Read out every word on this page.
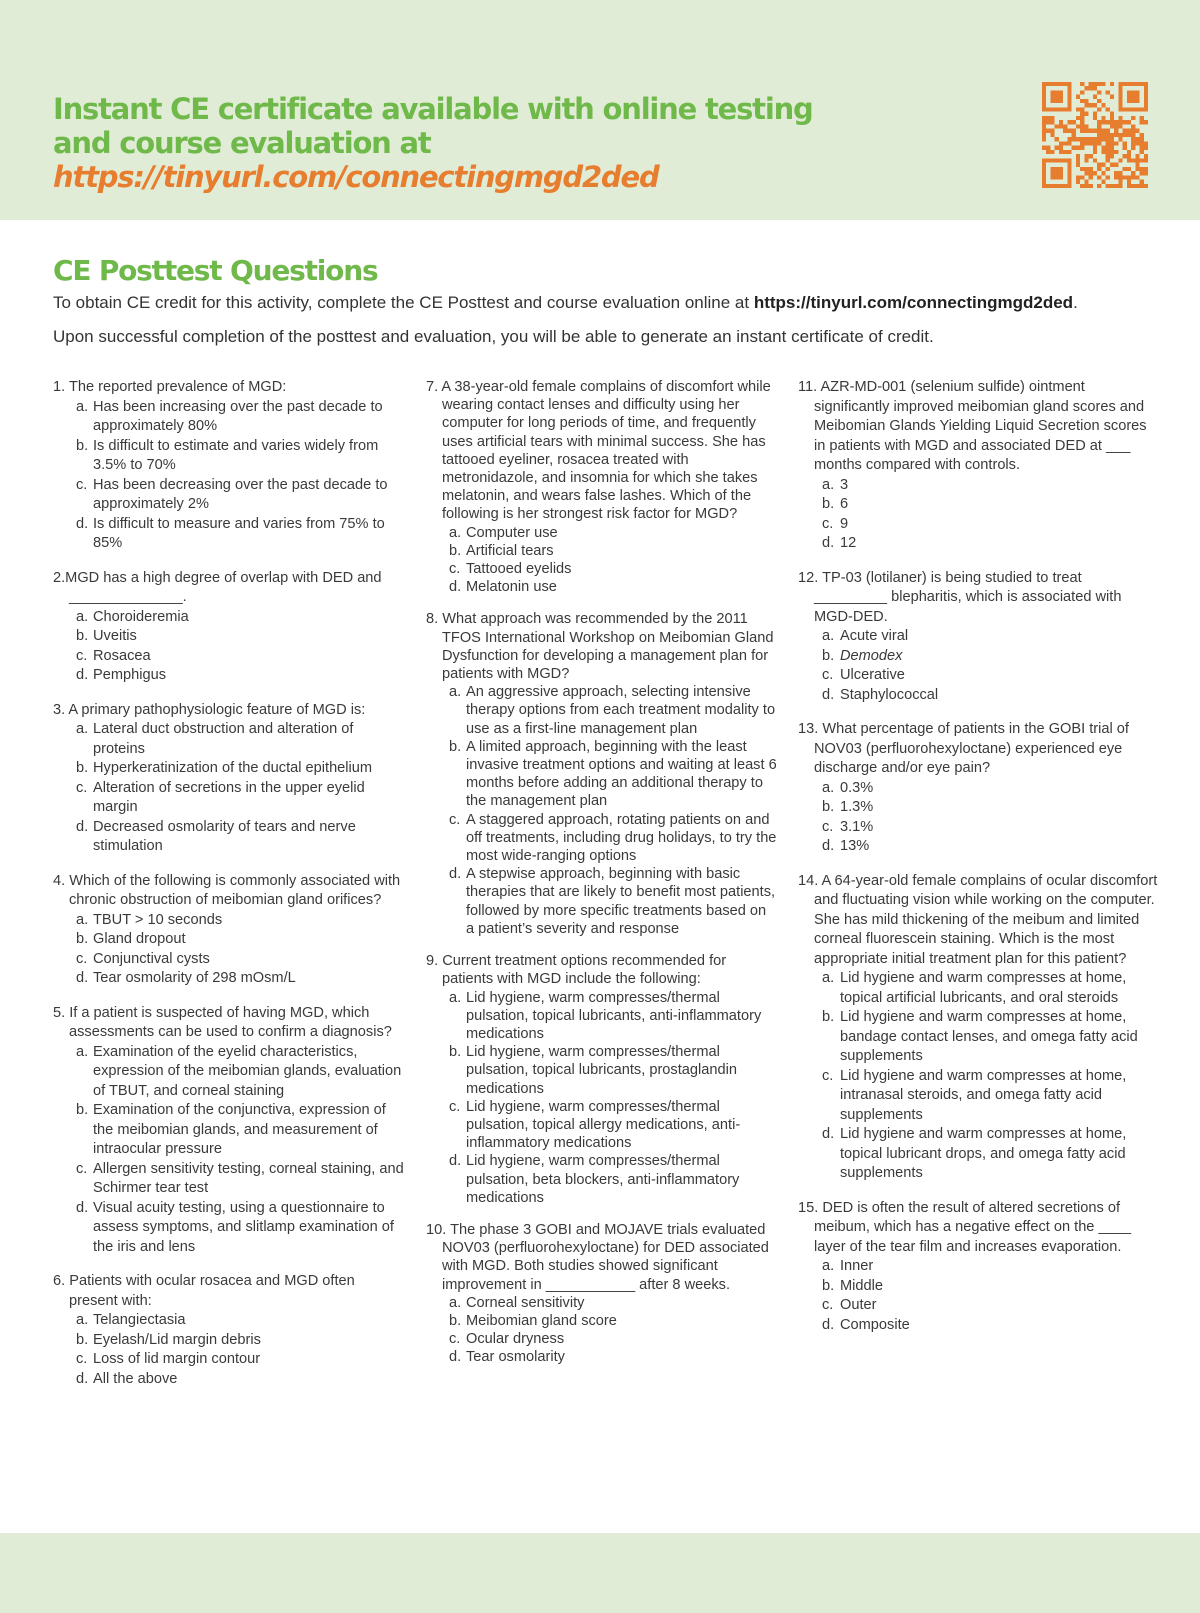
Instant CE certificate available with online testing
and course evaluation at
https://tinyurl.com/connectingmgd2ded
CE Posttest Questions

To obtain CE credit for this activity, complete the CE Posttest and course evaluation online at https://tinyurl.com/connectingmgd2ded.

Upon successful completion of the posttest and evaluation, you will be able to generate an instant certificate of credit.

1. The reported prevalence of MGD:
a. Has been increasing over the past decade to approximately 80%
b. Is difficult to estimate and varies widely from 3.5% to 70%
c. Has been decreasing over the past decade to approximately 2%
d. Is difficult to measure and varies from 75% to 85%
2.MGD has a high degree of overlap with DED and ______________.
a. Choroideremia
b. Uveitis
c. Rosacea
d. Pemphigus
3. A primary pathophysiologic feature of MGD is:
a. Lateral duct obstruction and alteration of proteins
b. Hyperkeratinization of the ductal epithelium
c. Alteration of secretions in the upper eyelid margin
d. Decreased osmolarity of tears and nerve stimulation
4. Which of the following is commonly associated with chronic obstruction of meibomian gland orifices?
a. TBUT > 10 seconds
b. Gland dropout
c. Conjunctival cysts
d. Tear osmolarity of 298 mOsm/L
5. If a patient is suspected of having MGD, which assessments can be used to confirm a diagnosis?
a. Examination of the eyelid characteristics, expression of the meibomian glands, evaluation of TBUT, and corneal staining
b. Examination of the conjunctiva, expression of the meibomian glands, and measurement of intraocular pressure
c. Allergen sensitivity testing, corneal staining, and Schirmer tear test
d. Visual acuity testing, using a questionnaire to assess symptoms, and slitlamp examination of the iris and lens
6. Patients with ocular rosacea and MGD often present with:
a. Telangiectasia
b. Eyelash/Lid margin debris
c. Loss of lid margin contour
d. All the above
7. A 38-year-old female complains of discomfort while wearing contact lenses and difficulty using her computer for long periods of time, and frequently uses artificial tears with minimal success. She has tattooed eyeliner, rosacea treated with metronidazole, and insomnia for which she takes melatonin, and wears false lashes. Which of the following is her strongest risk factor for MGD?
a. Computer use
b. Artificial tears
c. Tattooed eyelids
d. Melatonin use
8. What approach was recommended by the 2011 TFOS International Workshop on Meibomian Gland Dysfunction for developing a management plan for patients with MGD?
a. An aggressive approach, selecting intensive therapy options from each treatment modality to use as a first-line management plan
b. A limited approach, beginning with the least invasive treatment options and waiting at least 6 months before adding an additional therapy to the management plan
c. A staggered approach, rotating patients on and off treatments, including drug holidays, to try the most wide-ranging options
d. A stepwise approach, beginning with basic therapies that are likely to benefit most patients, followed by more specific treatments based on a patient’s severity and response
9. Current treatment options recommended for patients with MGD include the following:
a. Lid hygiene, warm compresses/thermal pulsation, topical lubricants, anti-inflammatory medications
b. Lid hygiene, warm compresses/thermal pulsation, topical lubricants, prostaglandin medications
c. Lid hygiene, warm compresses/thermal pulsation, topical allergy medications, anti-inflammatory medications
d. Lid hygiene, warm compresses/thermal pulsation, beta blockers, anti-inflammatory medications
10. The phase 3 GOBI and MOJAVE trials evaluated NOV03 (perfluorohexyloctane) for DED associated with MGD. Both studies showed significant improvement in ___________ after 8 weeks.
a. Corneal sensitivity
b. Meibomian gland score
c. Ocular dryness
d. Tear osmolarity
11. AZR-MD-001 (selenium sulfide) ointment significantly improved meibomian gland scores and Meibomian Glands Yielding Liquid Secretion scores in patients with MGD and associated DED at ___ months compared with controls.
a. 3
b. 6
c. 9
d. 12
12. TP-03 (lotilaner) is being studied to treat _________ blepharitis, which is associated with MGD-DED.
a. Acute viral
b. Demodex
c. Ulcerative
d. Staphylococcal
13. What percentage of patients in the GOBI trial of NOV03 (perfluorohexyloctane) experienced eye discharge and/or eye pain?
a. 0.3%
b. 1.3%
c. 3.1%
d. 13%
14. A 64-year-old female complains of ocular discomfort and fluctuating vision while working on the computer. She has mild thickening of the meibum and limited corneal fluorescein staining. Which is the most appropriate initial treatment plan for this patient?
a. Lid hygiene and warm compresses at home, topical artificial lubricants, and oral steroids
b. Lid hygiene and warm compresses at home, bandage contact lenses, and omega fatty acid supplements
c. Lid hygiene and warm compresses at home, intranasal steroids, and omega fatty acid supplements
d. Lid hygiene and warm compresses at home, topical lubricant drops, and omega fatty acid supplements
15. DED is often the result of altered secretions of meibum, which has a negative effect on the ____ layer of the tear film and increases evaporation.
a. Inner
b. Middle
c. Outer
d. Composite
